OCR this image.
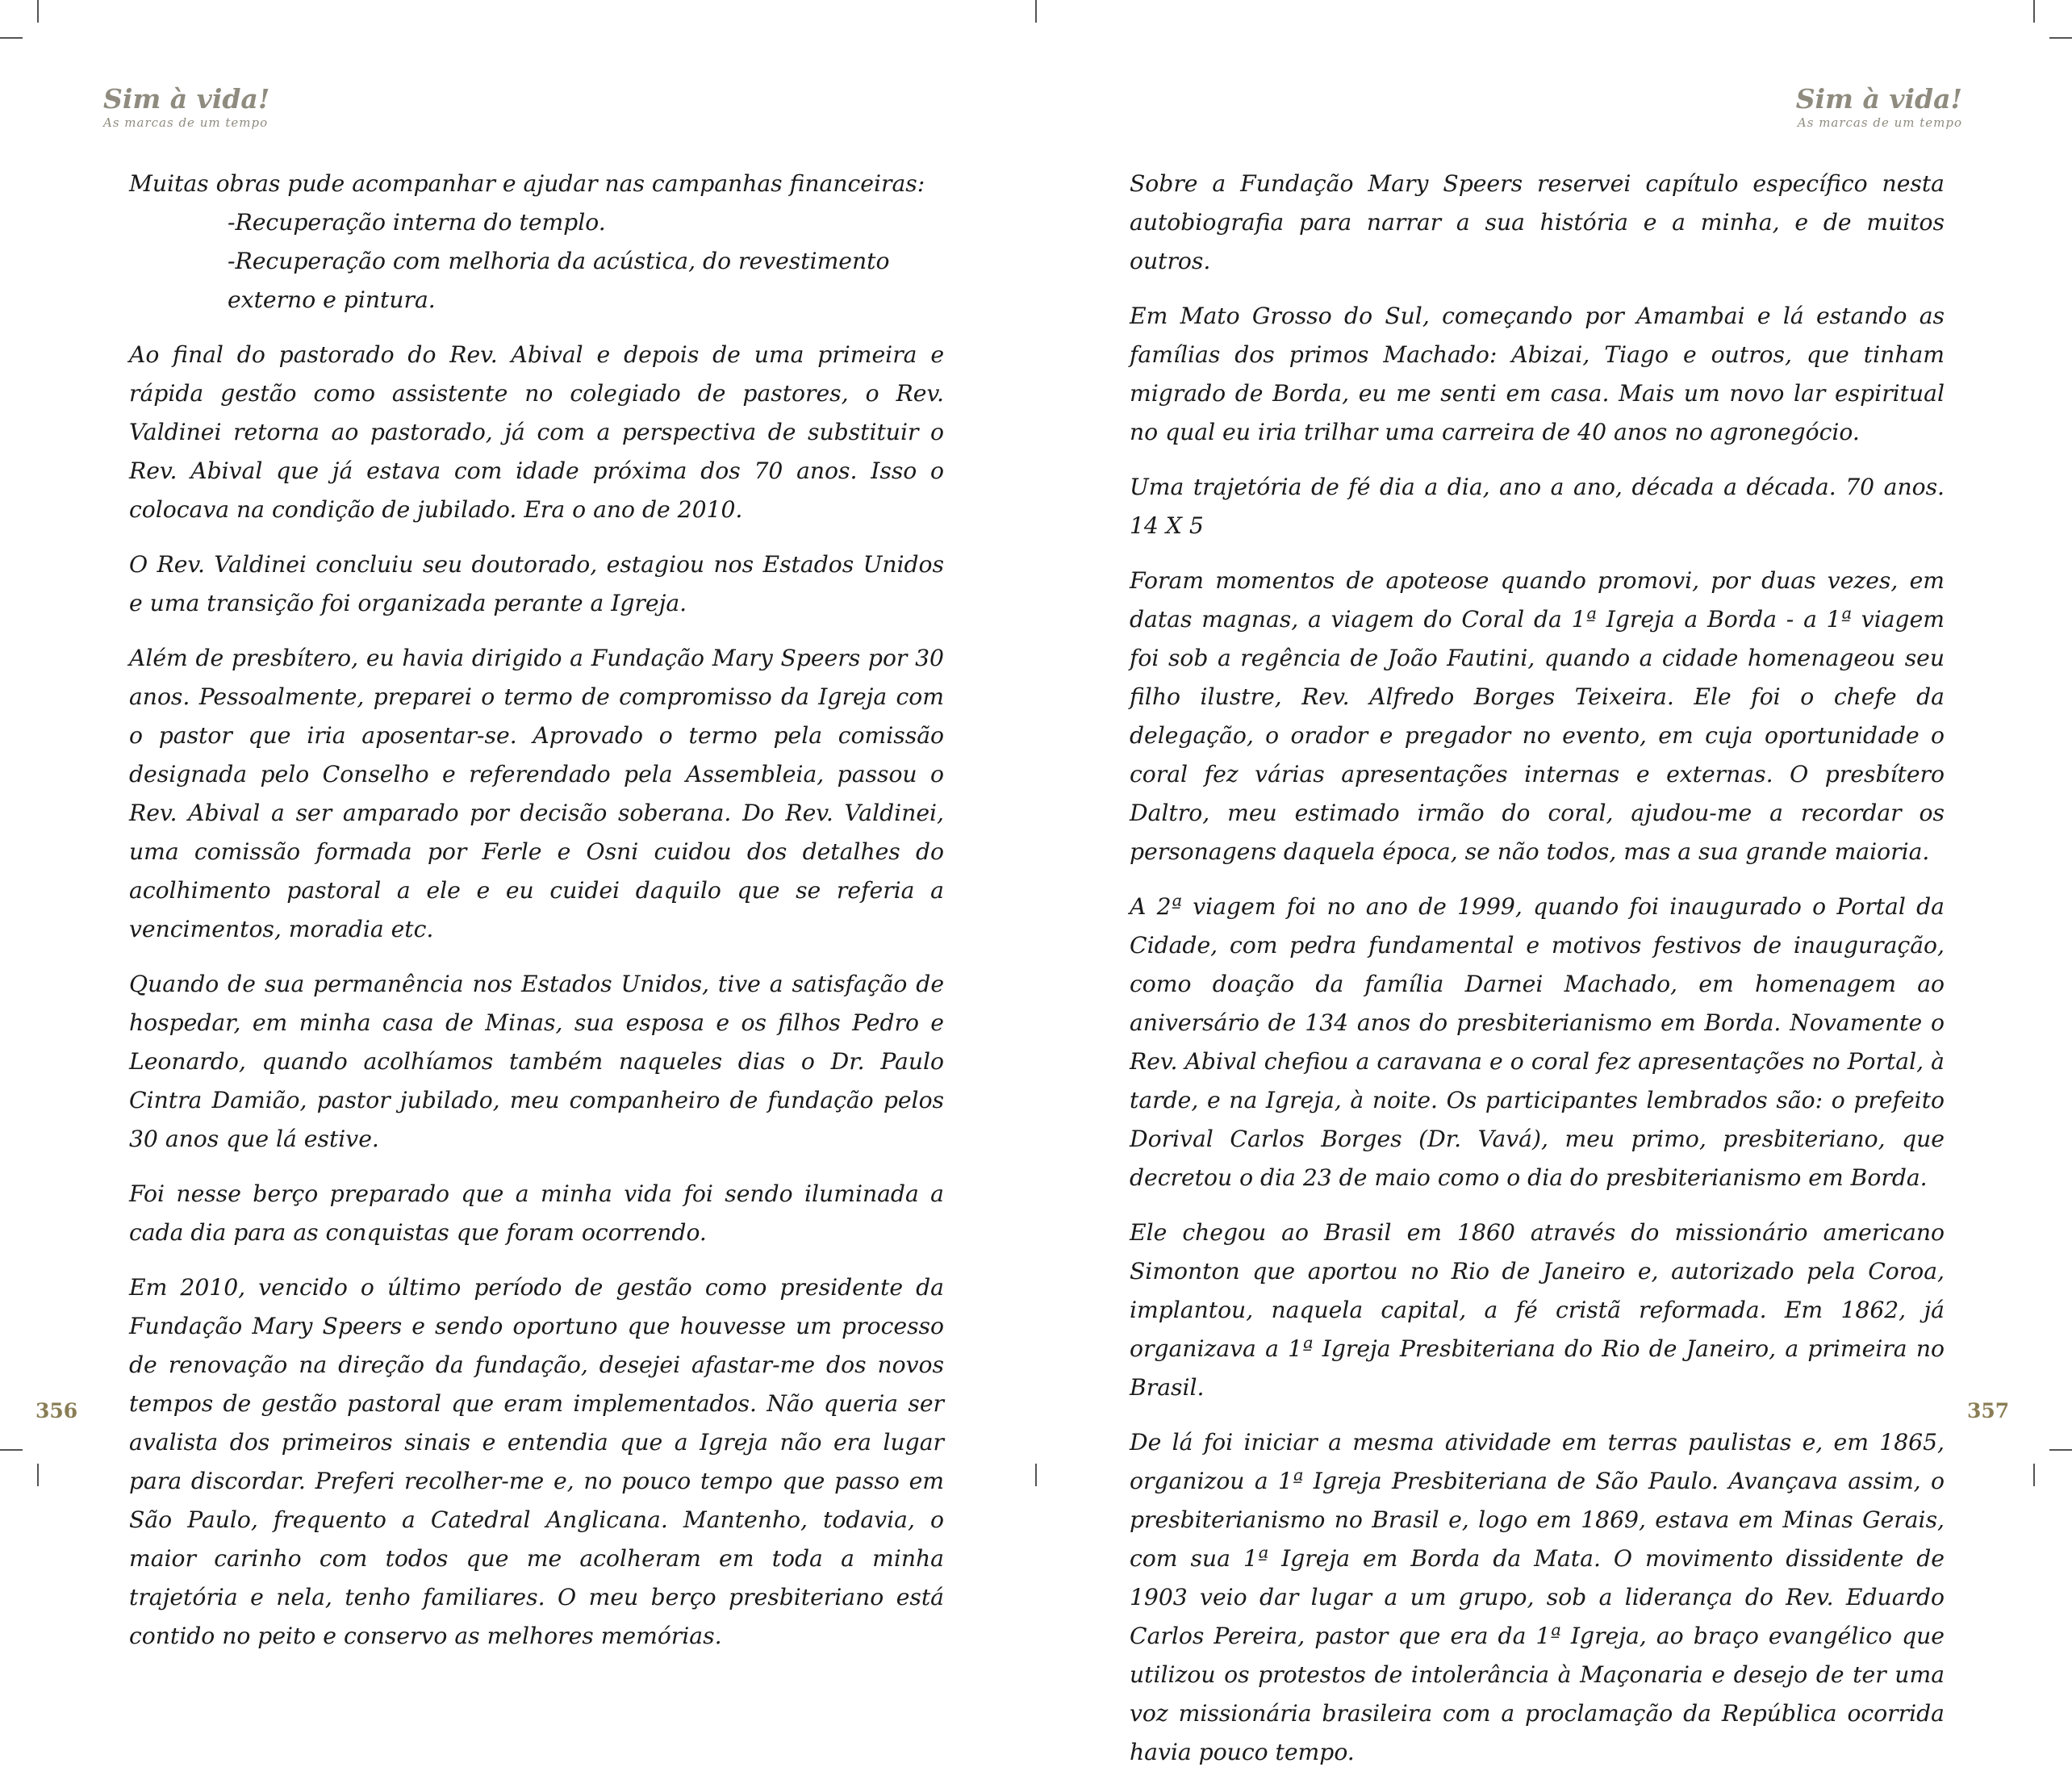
Sim à vida!
As marcas de um tempo

Muitas obras pude acompanhar e ajudar nas campanhas financeiras:

-Recuperação interna do templo.

-Recuperação com melhoria da acústica, do revestimento externo e pintura.

Ao final do pastorado do Rev. Abival e depois de uma primeira e rápida gestão como assistente no colegiado de pastores, o Rev. Valdinei retorna ao pastorado, já com a perspectiva de substituir o Rev. Abival que já estava com idade próxima dos 70 anos. Isso o colocava na condição de jubilado. Era o ano de 2010.

O Rev. Valdinei concluiu seu doutorado, estagiou nos Estados Unidos e uma transição foi organizada perante a Igreja.

Além de presbítero, eu havia dirigido a Fundação Mary Speers por 30 anos. Pessoalmente, preparei o termo de compromisso da Igreja com o pastor que iria aposentar-se. Aprovado o termo pela comissão designada pelo Conselho e referendado pela Assembleia, passou o Rev. Abival a ser amparado por decisão soberana. Do Rev. Valdinei, uma comissão formada por Ferle e Osni cuidou dos detalhes do acolhimento pastoral a ele e eu cuidei daquilo que se referia a vencimentos, moradia etc.

Quando de sua permanência nos Estados Unidos, tive a satisfação de hospedar, em minha casa de Minas, sua esposa e os filhos Pedro e Leonardo, quando acolhíamos também naqueles dias o Dr. Paulo Cintra Damião, pastor jubilado, meu companheiro de fundação pelos 30 anos que lá estive.

Foi nesse berço preparado que a minha vida foi sendo iluminada a cada dia para as conquistas que foram ocorrendo.

Em 2010, vencido o último período de gestão como presidente da Fundação Mary Speers e sendo oportuno que houvesse um processo de renovação na direção da fundação, desejei afastar-me dos novos tempos de gestão pastoral que eram implementados. Não queria ser avalista dos primeiros sinais e entendia que a Igreja não era lugar para discordar. Preferi recolher-me e, no pouco tempo que passo em São Paulo, frequento a Catedral Anglicana. Mantenho, todavia, o maior carinho com todos que me acolheram em toda a minha trajetória e nela, tenho familiares. O meu berço presbiteriano está contido no peito e conservo as melhores memórias.

356
Sim à vida!
As marcas de um tempo

Sobre a Fundação Mary Speers reservei capítulo específico nesta autobiografia para narrar a sua história e a minha, e de muitos outros.

Em Mato Grosso do Sul, começando por Amambai e lá estando as famílias dos primos Machado: Abizai, Tiago e outros, que tinham migrado de Borda, eu me senti em casa. Mais um novo lar espiritual no qual eu iria trilhar uma carreira de 40 anos no agronegócio.

Uma trajetória de fé dia a dia, ano a ano, década a década. 70 anos. 14 X 5

Foram momentos de apoteose quando promovi, por duas vezes, em datas magnas, a viagem do Coral da 1ª Igreja a Borda - a 1ª viagem foi sob a regência de João Fautini, quando a cidade homenageou seu filho ilustre, Rev. Alfredo Borges Teixeira. Ele foi o chefe da delegação, o orador e pregador no evento, em cuja oportunidade o coral fez várias apresentações internas e externas. O presbítero Daltro, meu estimado irmão do coral, ajudou-me a recordar os personagens daquela época, se não todos, mas a sua grande maioria.

A 2ª viagem foi no ano de 1999, quando foi inaugurado o Portal da Cidade, com pedra fundamental e motivos festivos de inauguração, como doação da família Darnei Machado, em homenagem ao aniversário de 134 anos do presbiterianismo em Borda. Novamente o Rev. Abival chefiou a caravana e o coral fez apresentações no Portal, à tarde, e na Igreja, à noite. Os participantes lembrados são: o prefeito Dorival Carlos Borges (Dr. Vavá), meu primo, presbiteriano, que decretou o dia 23 de maio como o dia do presbiterianismo em Borda.

Ele chegou ao Brasil em 1860 através do missionário americano Simonton que aportou no Rio de Janeiro e, autorizado pela Coroa, implantou, naquela capital, a fé cristã reformada. Em 1862, já organizava a 1ª Igreja Presbiteriana do Rio de Janeiro, a primeira no Brasil.

De lá foi iniciar a mesma atividade em terras paulistas e, em 1865, organizou a 1ª Igreja Presbiteriana de São Paulo. Avançava assim, o presbiterianismo no Brasil e, logo em 1869, estava em Minas Gerais, com sua 1ª Igreja em Borda da Mata. O movimento dissidente de 1903 veio dar lugar a um grupo, sob a liderança do Rev. Eduardo Carlos Pereira, pastor que era da 1ª Igreja, ao braço evangélico que utilizou os protestos de intolerância à Maçonaria e desejo de ter uma voz missionária brasileira com a proclamação da República ocorrida havia pouco tempo.

357
